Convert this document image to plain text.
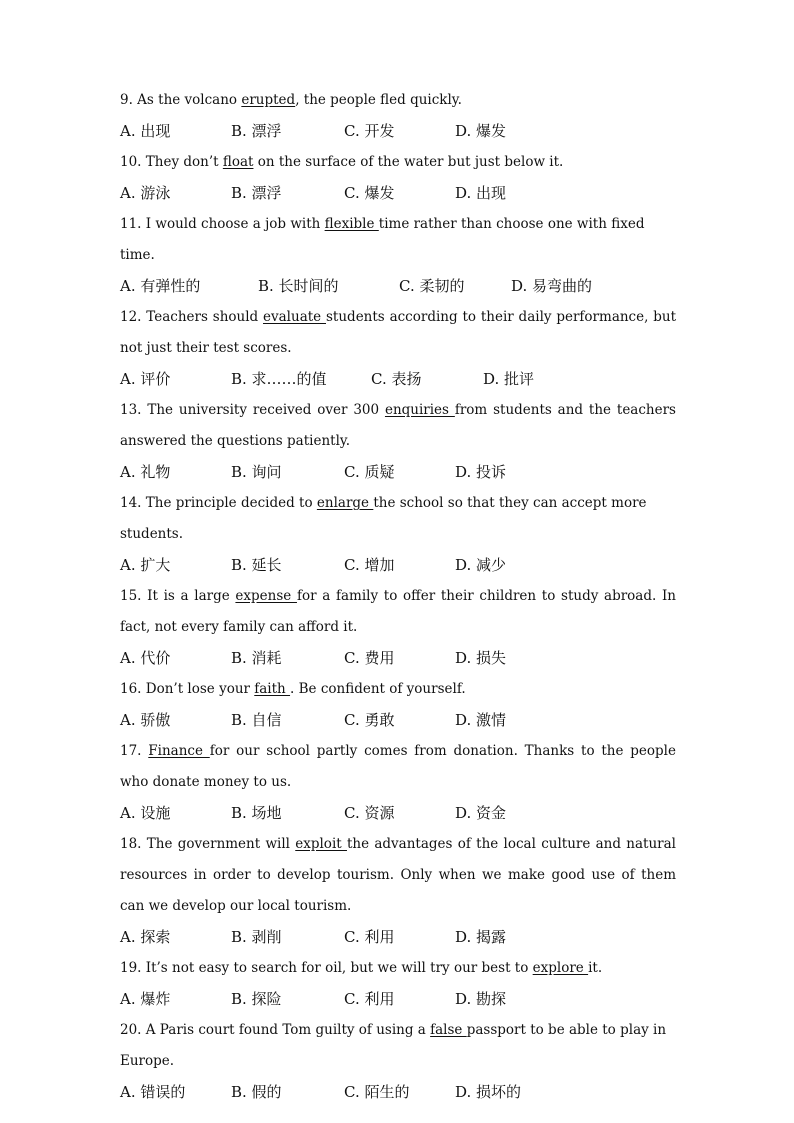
9. As the volcano erupted, the people fled quickly.

A. 出现	B. 漂浮	C. 开发	D. 爆发

10. They don’t float on the surface of the water but just below it.

A. 游泳	B. 漂浮	C. 爆发	D. 出现

11. I would choose a job with flexible time rather than choose one with fixed time.

A. 有弹性的	B. 长时间的	C. 柔韧的	D. 易弯曲的

12. Teachers should evaluate students according to their daily performance, but not just their test scores.

A. 评价	B. 求……的值	C. 表扬	D. 批评

13. The university received over 300 enquiries from students and the teachers answered the questions patiently.

A. 礼物	B. 询问	C. 质疑	D. 投诉

14. The principle decided to enlarge the school so that they can accept more students.

A. 扩大	B. 延长	C. 增加	D. 减少

15. It is a large expense for a family to offer their children to study abroad. In fact, not every family can afford it.

A. 代价	B. 消耗	C. 费用	D. 损失

16. Don’t lose your faith . Be confident of yourself.

A. 骄傲	B. 自信	C. 勇敢	D. 激情

17. Finance for our school partly comes from donation. Thanks to the people who donate money to us.

A. 设施	B. 场地	C. 资源	D. 资金

18. The government will exploit the advantages of the local culture and natural resources in order to develop tourism. Only when we make good use of them can we develop our local tourism.

A. 探索	B. 剥削	C. 利用	D. 揭露

19. It’s not easy to search for oil, but we will try our best to explore it.

A. 爆炸	B. 探险	C. 利用	D. 勘探

20. A Paris court found Tom guilty of using a false passport to be able to play in Europe.

A. 错误的	B. 假的	C. 陌生的	D. 损坏的
